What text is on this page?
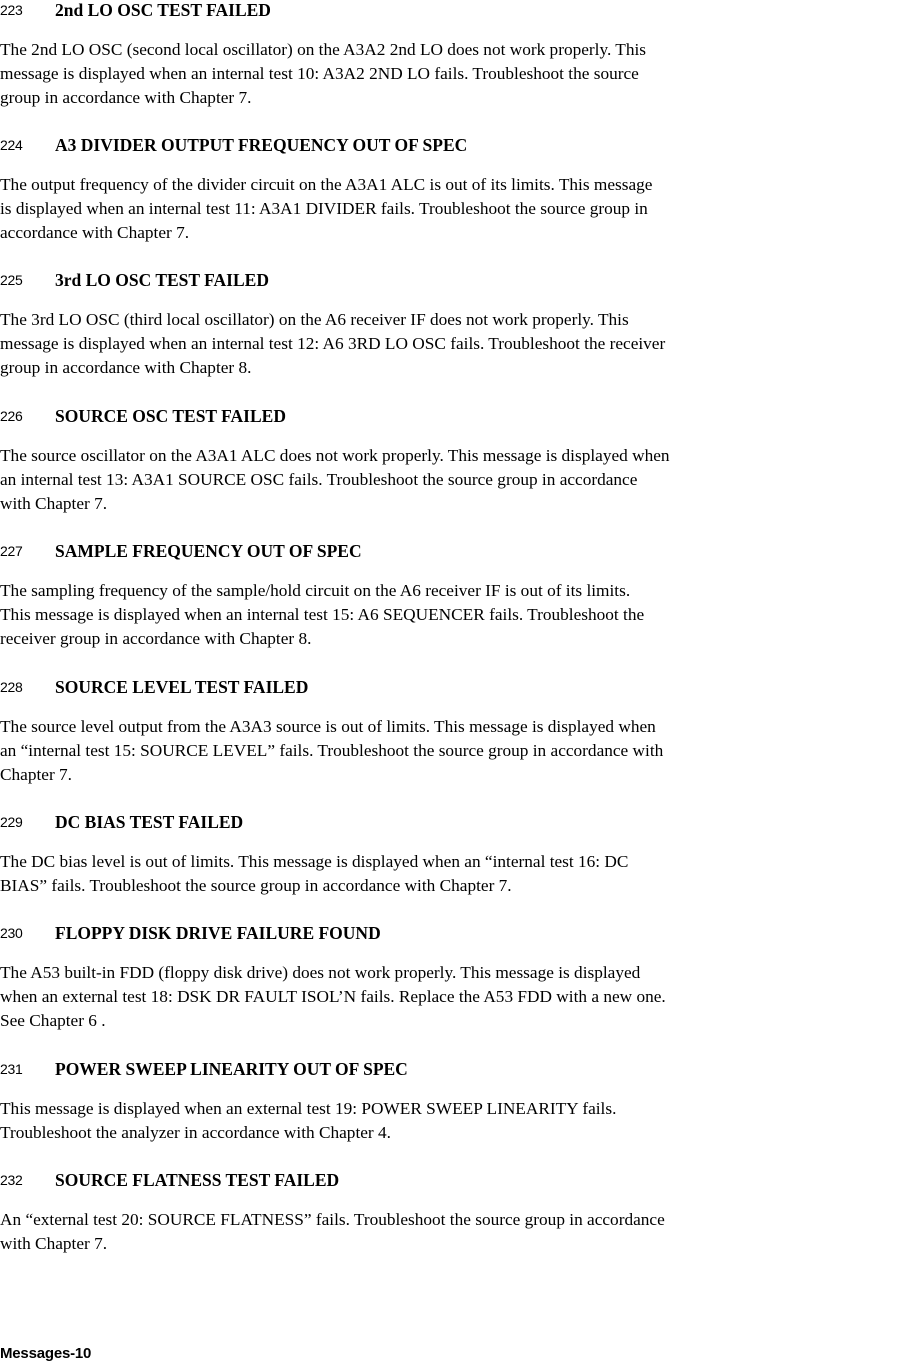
223 2nd LO OSC TEST FAILED
The 2nd LO OSC (second local oscillator) on the A3A2 2nd LO does not work properly. This
message is displayed when an internal test 10: A3A2 2ND LO fails. Troubleshoot the source
group in accordance with Chapter 7.
224 A3 DIVIDER OUTPUT FREQUENCY OUT OF SPEC
The output frequency of the divider circuit on the A3A1 ALC is out of its limits. This message
is displayed when an internal test 11: A3A1 DIVIDER fails. Troubleshoot the source group in
accordance with Chapter 7.
225 3rd LO OSC TEST FAILED
The 3rd LO OSC (third local oscillator) on the A6 receiver IF does not work properly. This
message is displayed when an internal test 12: A6 3RD LO OSC fails. Troubleshoot the receiver
group in accordance with Chapter 8.
226 SOURCE OSC TEST FAILED
The source oscillator on the A3A1 ALC does not work properly. This message is displayed when
an internal test 13: A3A1 SOURCE OSC fails. Troubleshoot the source group in accordance
with Chapter 7.
227 SAMPLE FREQUENCY OUT OF SPEC
The sampling frequency of the sample/hold circuit on the A6 receiver IF is out of its limits.
This message is displayed when an internal test 15: A6 SEQUENCER fails. Troubleshoot the
receiver group in accordance with Chapter 8.
228 SOURCE LEVEL TEST FAILED
The source level output from the A3A3 source is out of limits. This message is displayed when
an “internal test 15: SOURCE LEVEL” fails. Troubleshoot the source group in accordance with
Chapter 7.
229 DC BIAS TEST FAILED
The DC bias level is out of limits. This message is displayed when an “internal test 16: DC
BIAS” fails. Troubleshoot the source group in accordance with Chapter 7.
230 FLOPPY DISK DRIVE FAILURE FOUND
The A53 built-in FDD (floppy disk drive) does not work properly. This message is displayed
when an external test 18: DSK DR FAULT ISOL’N fails. Replace the A53 FDD with a new one.
See Chapter 6 .
231 POWER SWEEP LINEARITY OUT OF SPEC
This message is displayed when an external test 19: POWER SWEEP LINEARITY fails.
Troubleshoot the analyzer in accordance with Chapter 4.
232 SOURCE FLATNESS TEST FAILED
An “external test 20: SOURCE FLATNESS” fails. Troubleshoot the source group in accordance
with Chapter 7.
Messages-10
